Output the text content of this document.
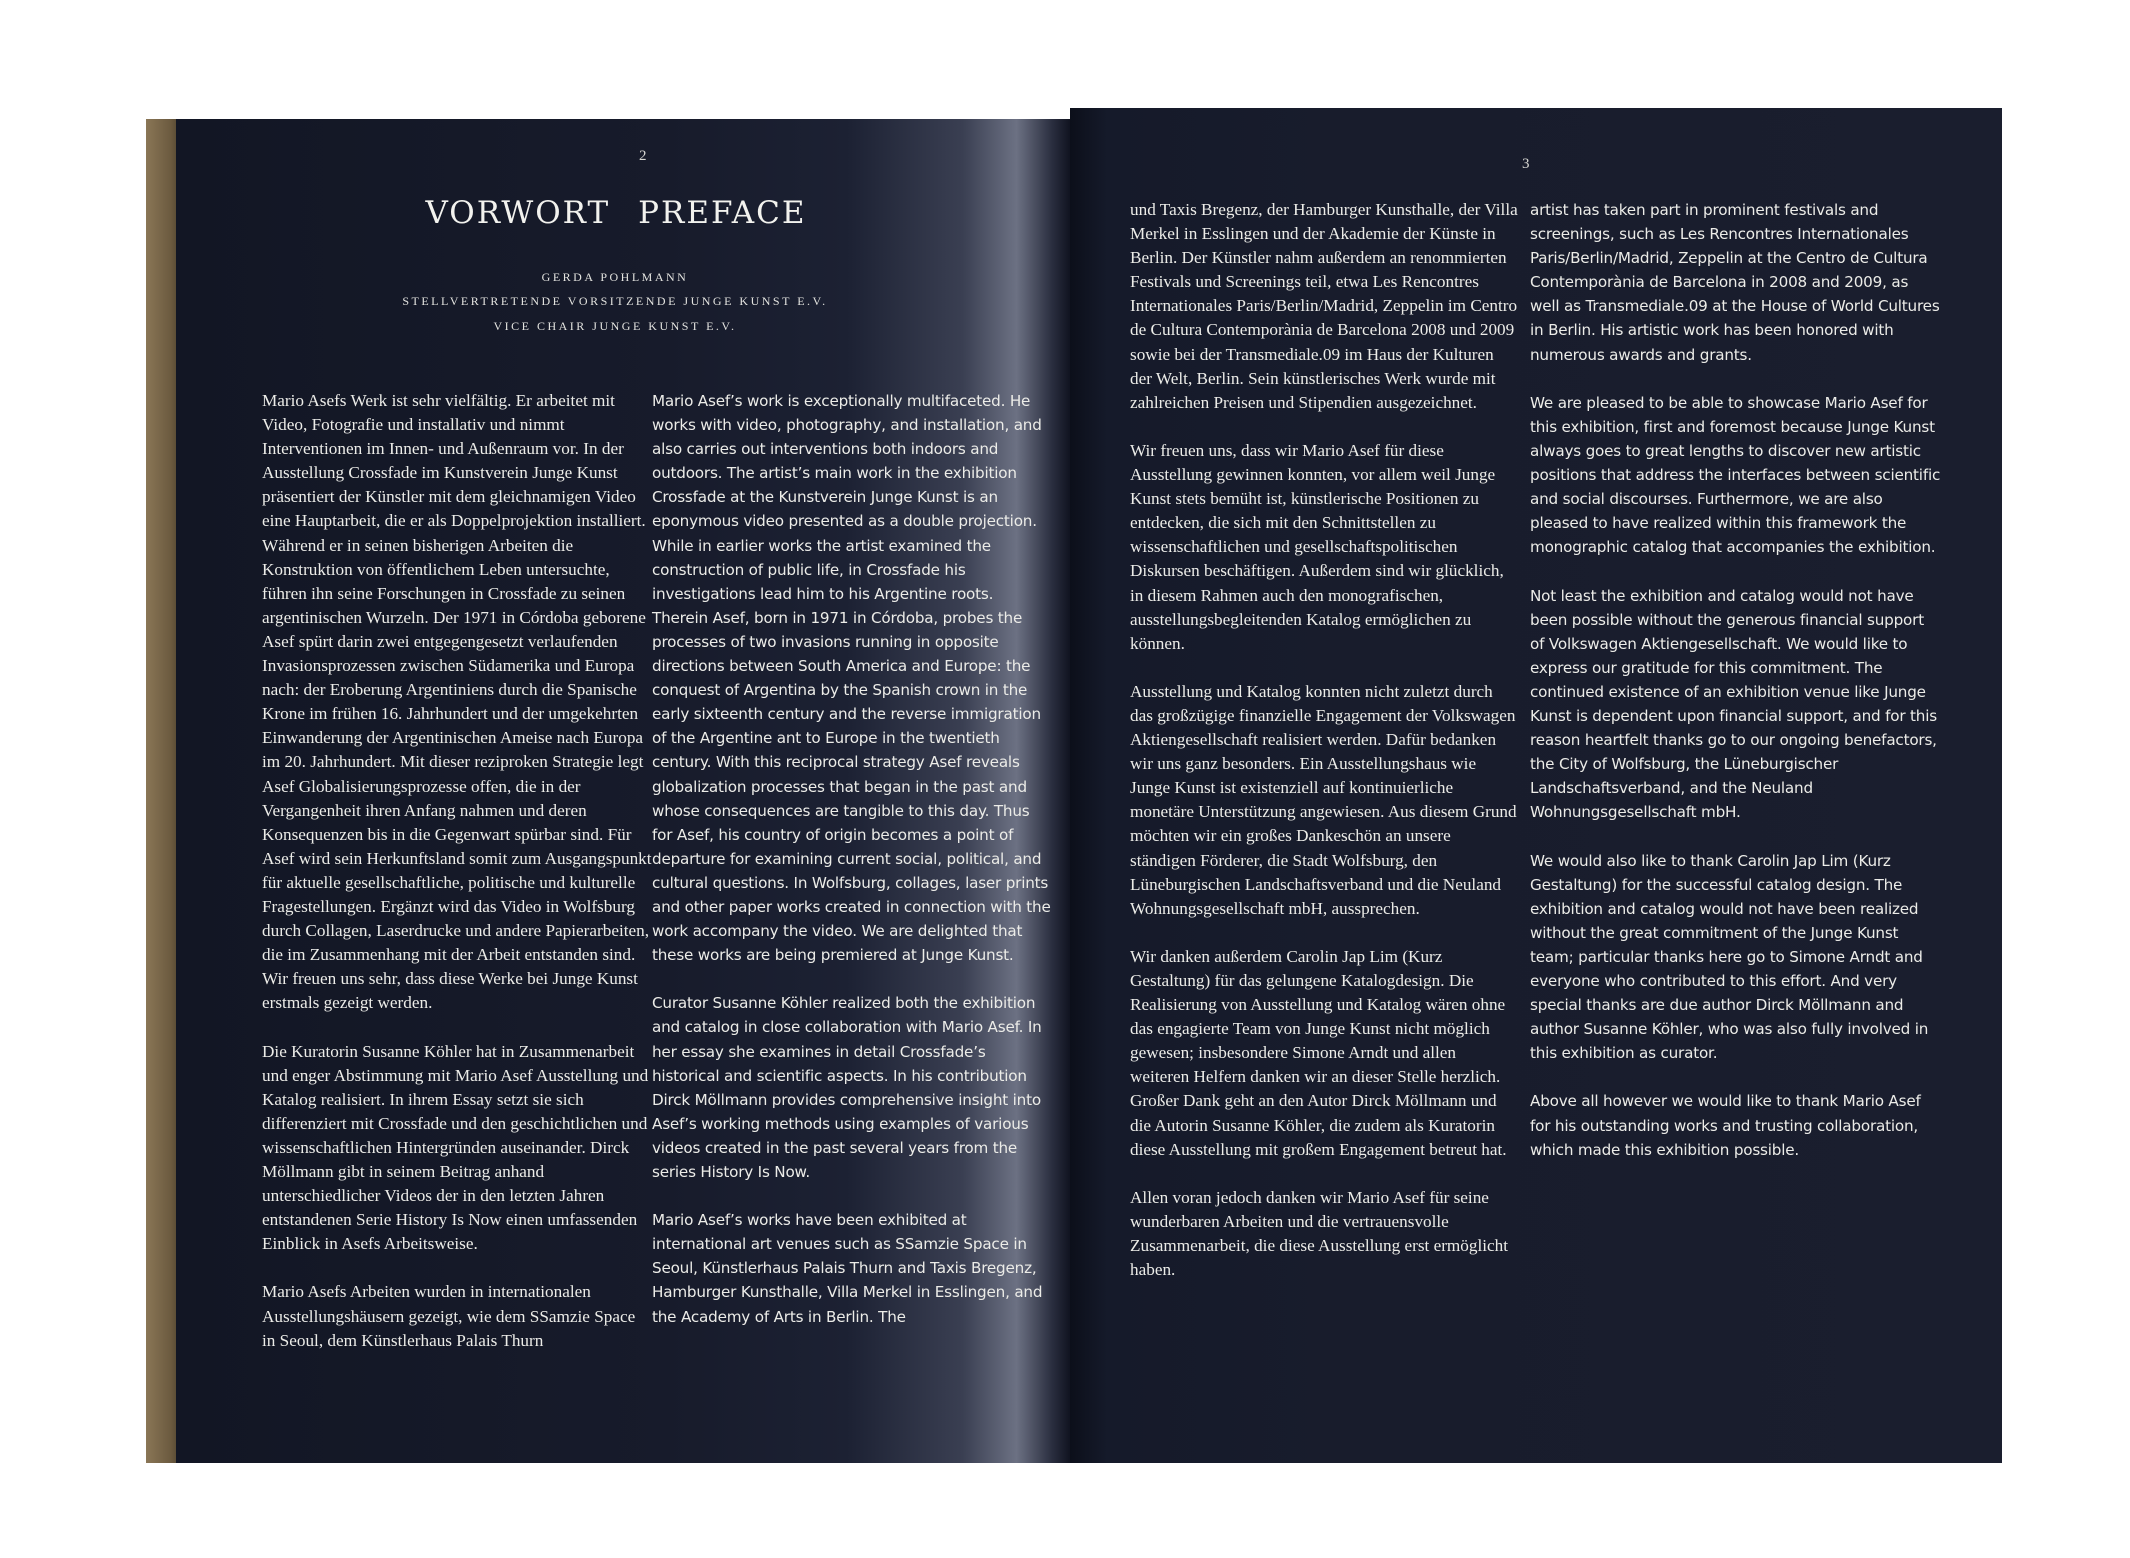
2
VORWORT PREFACE
GERDA POHLMANN
STELLVERTRETENDE VORSITZENDE JUNGE KUNST E.V.
VICE CHAIR JUNGE KUNST E.V.

Mario Asefs Werk ist sehr vielfältig. Er arbeitet mit Video, Fotografie und installativ und nimmt Interventionen im Innen- und Außenraum vor. In der Ausstellung Crossfade im Kunstverein Junge Kunst präsentiert der Künstler mit dem gleichnamigen Video eine Hauptarbeit, die er als Doppelprojektion installiert. Während er in seinen bisherigen Arbeiten die Konstruktion von öffentlichem Leben untersuchte, führen ihn seine Forschungen in Crossfade zu seinen argentinischen Wurzeln. Der 1971 in Córdoba geborene Asef spürt darin zwei entgegengesetzt verlaufenden Invasionsprozessen zwischen Südamerika und Europa nach: der Eroberung Argentiniens durch die Spanische Krone im frühen 16. Jahrhundert und der umgekehrten Einwanderung der Argentinischen Ameise nach Europa im 20. Jahrhundert. Mit dieser reziproken Strategie legt Asef Globalisierungsprozesse offen, die in der Vergangenheit ihren Anfang nahmen und deren Konsequenzen bis in die Gegenwart spürbar sind. Für Asef wird sein Herkunftsland somit zum Ausgangspunkt für aktuelle gesellschaftliche, politische und kulturelle Fragestellungen. Ergänzt wird das Video in Wolfsburg durch Collagen, Laserdrucke und andere Papierarbeiten, die im Zusammenhang mit der Arbeit entstanden sind. Wir freuen uns sehr, dass diese Werke bei Junge Kunst erstmals gezeigt werden.

Die Kuratorin Susanne Köhler hat in Zusammenarbeit und enger Abstimmung mit Mario Asef Ausstellung und Katalog realisiert. In ihrem Essay setzt sie sich differenziert mit Crossfade und den geschichtlichen und wissenschaftlichen Hintergründen auseinander. Dirck Möllmann gibt in seinem Beitrag anhand unterschiedlicher Videos der in den letzten Jahren entstandenen Serie History Is Now einen umfassenden Einblick in Asefs Arbeitsweise.

Mario Asefs Arbeiten wurden in internationalen Ausstellungshäusern gezeigt, wie dem SSamzie Space in Seoul, dem Künstlerhaus Palais Thurn

Mario Asef’s work is exceptionally multifaceted. He works with video, photography, and installation, and also carries out interventions both indoors and outdoors. The artist’s main work in the exhibition Crossfade at the Kunstverein Junge Kunst is an eponymous video presented as a double projection. While in earlier works the artist examined the construction of public life, in Crossfade his investigations lead him to his Argentine roots. Therein Asef, born in 1971 in Córdoba, probes the processes of two invasions running in opposite directions between South America and Europe: the conquest of Argentina by the Spanish crown in the early sixteenth century and the reverse immigration of the Argentine ant to Europe in the twentieth century. With this reciprocal strategy Asef reveals globalization processes that began in the past and whose consequences are tangible to this day. Thus for Asef, his country of origin becomes a point of departure for examining current social, political, and cultural questions. In Wolfsburg, collages, laser prints and other paper works created in connection with the work accompany the video. We are delighted that these works are being premiered at Junge Kunst.

Curator Susanne Köhler realized both the exhibition and catalog in close collaboration with Mario Asef. In her essay she examines in detail Crossfade’s historical and scientific aspects. In his contribution Dirck Möllmann provides comprehensive insight into Asef’s working methods using examples of various videos created in the past several years from the series History Is Now.

Mario Asef’s works have been exhibited at international art venues such as SSamzie Space in Seoul, Künstlerhaus Palais Thurn and Taxis Bregenz, Hamburger Kunsthalle, Villa Merkel in Esslingen, and the Academy of Arts in Berlin. The

3

und Taxis Bregenz, der Hamburger Kunsthalle, der Villa Merkel in Esslingen und der Akademie der Künste in Berlin. Der Künstler nahm außerdem an renommierten Festivals und Screenings teil, etwa Les Rencontres Internationales Paris/Berlin/Madrid, Zeppelin im Centro de Cultura Contemporània de Barcelona 2008 und 2009 sowie bei der Transmediale.09 im Haus der Kulturen der Welt, Berlin. Sein künstlerisches Werk wurde mit zahlreichen Preisen und Stipendien ausgezeichnet.

Wir freuen uns, dass wir Mario Asef für diese Ausstellung gewinnen konnten, vor allem weil Junge Kunst stets bemüht ist, künstlerische Positionen zu entdecken, die sich mit den Schnittstellen zu wissenschaftlichen und gesellschaftspolitischen Diskursen beschäftigen. Außerdem sind wir glücklich, in diesem Rahmen auch den monografischen, ausstellungsbegleitenden Katalog ermöglichen zu können.

Ausstellung und Katalog konnten nicht zuletzt durch das großzügige finanzielle Engagement der Volkswagen Aktiengesellschaft realisiert werden. Dafür bedanken wir uns ganz besonders. Ein Ausstellungshaus wie Junge Kunst ist existenziell auf kontinuierliche monetäre Unterstützung angewiesen. Aus diesem Grund möchten wir ein großes Dankeschön an unsere ständigen Förderer, die Stadt Wolfsburg, den Lüneburgischen Landschaftsverband und die Neuland Wohnungsgesellschaft mbH, aussprechen.

Wir danken außerdem Carolin Jap Lim (Kurz Gestaltung) für das gelungene Katalogdesign. Die Realisierung von Ausstellung und Katalog wären ohne das engagierte Team von Junge Kunst nicht möglich gewesen; insbesondere Simone Arndt und allen weiteren Helfern danken wir an dieser Stelle herzlich. Großer Dank geht an den Autor Dirck Möllmann und die Autorin Susanne Köhler, die zudem als Kuratorin diese Ausstellung mit großem Engagement betreut hat.

Allen voran jedoch danken wir Mario Asef für seine wunderbaren Arbeiten und die vertrauensvolle Zusammenarbeit, die diese Ausstellung erst ermöglicht haben.

artist has taken part in prominent festivals and screenings, such as Les Rencontres Internationales Paris/Berlin/Madrid, Zeppelin at the Centro de Cultura Contemporània de Barcelona in 2008 and 2009, as well as Transmediale.09 at the House of World Cultures in Berlin. His artistic work has been honored with numerous awards and grants.

We are pleased to be able to showcase Mario Asef for this exhibition, first and foremost because Junge Kunst always goes to great lengths to discover new artistic positions that address the interfaces between scientific and social discourses. Furthermore, we are also pleased to have realized within this framework the monographic catalog that accompanies the exhibition.

Not least the exhibition and catalog would not have been possible without the generous financial support of Volkswagen Aktiengesellschaft. We would like to express our gratitude for this commitment. The continued existence of an exhibition venue like Junge Kunst is dependent upon financial support, and for this reason heartfelt thanks go to our ongoing benefactors, the City of Wolfsburg, the Lüneburgischer Landschaftsverband, and the Neuland Wohnungsgesellschaft mbH.

We would also like to thank Carolin Jap Lim (Kurz Gestaltung) for the successful catalog design. The exhibition and catalog would not have been realized without the great commitment of the Junge Kunst team; particular thanks here go to Simone Arndt and everyone who contributed to this effort. And very special thanks are due author Dirck Möllmann and author Susanne Köhler, who was also fully involved in this exhibition as curator.

Above all however we would like to thank Mario Asef for his outstanding works and trusting collaboration, which made this exhibition possible.
